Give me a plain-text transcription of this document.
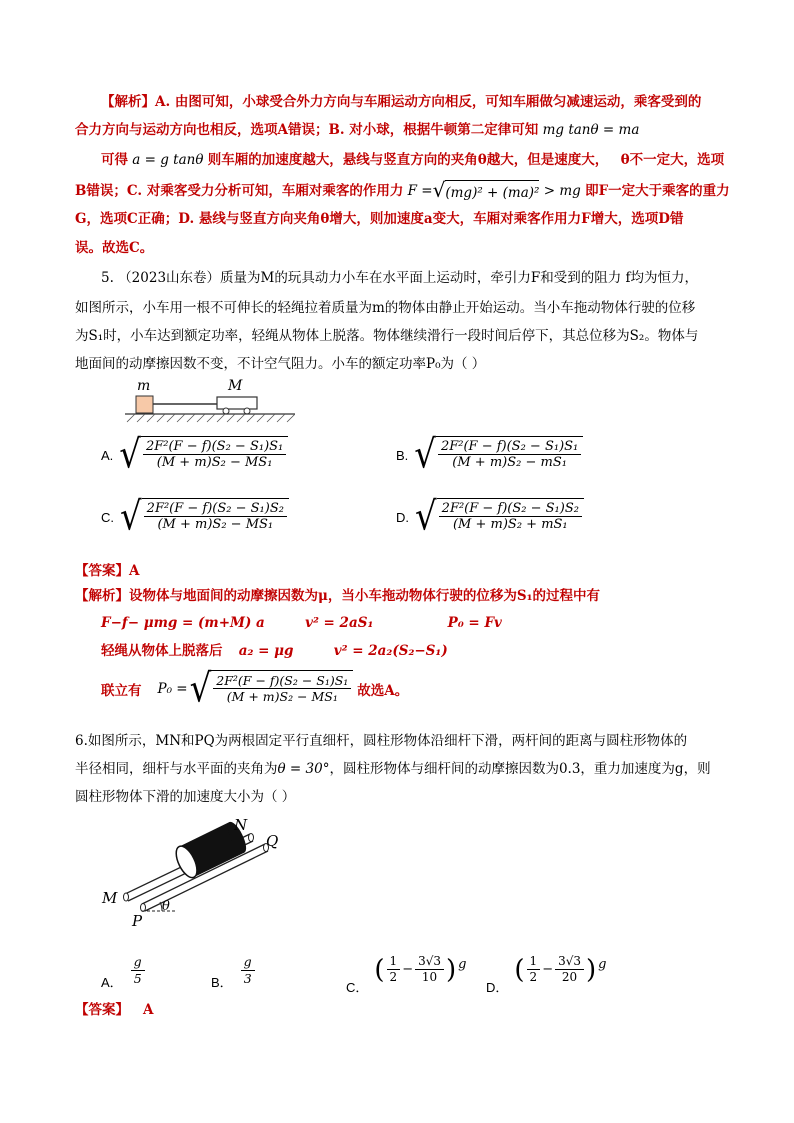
【解析】A. 由图可知，小球受合外力方向与车厢运动方向相反，可知车厢做匀减速运动，乘客受到的
合力方向与运动方向也相反，选项A错误；B. 对小球，根据牛顿第二定律可知 mg tanθ = ma
可得 a = g tanθ 则车厢的加速度越大，悬线与竖直方向的夹角θ越大，但是速度大， θ不一定大，选项
B错误；C. 对乘客受力分析可知，车厢对乘客的作用力 F = √ (mg)² + (ma)² > mg 即F一定大于乘客的重力
G，选项C正确；D. 悬线与竖直方向夹角θ增大，则加速度a变大，车厢对乘客作用力F增大，选项D错
误。故选C。
5. （2023山东卷）质量为M的玩具动力小车在水平面上运动时，牵引力F和受到的阻力 f均为恒力，
如图所示，小车用一根不可伸长的轻绳拉着质量为m的物体由静止开始运动。当小车拖动物体行驶的位移
为S₁时，小车达到额定功率，轻绳从物体上脱落。物体继续滑行一段时间后停下，其总位移为S₂。物体与
地面间的动摩擦因数不变，不计空气阻力。小车的额定功率P₀为（ ）
m	M
A. √ $\frac{\text{2F²(F − f)(S₂ − S₁)S₁}}{\text{(M + m)S₂ − MS₁}}$	B. √ $\frac{\text{2F²(F − f)(S₂ − S₁)S₁}}{\text{(M + m)S₂ − mS₁}}$
C. √ $\frac{\text{2F²(F − f)(S₂ − S₁)S₂}}{\text{(M + m)S₂ − MS₁}}$	D. √ $\frac{\text{2F²(F − f)(S₂ − S₁)S₂}}{\text{(M + m)S₂ + mS₁}}$
【答案】A
【解析】设物体与地面间的动摩擦因数为μ，当小车拖动物体行驶的位移为S₁的过程中有
F−f− μmg = (m+M) a	v² = 2aS₁	P₀ = Fv
轻绳从物体上脱落后 a₂ = μg	v² = 2a₂(S₂−S₁)
联立有 P₀ = √ $\frac{\text{2F²(F − f)(S₂ − S₁)S₁}}{\text{(M + m)S₂ − MS₁}}$ 故选A。
6.如图所示，MN和PQ为两根固定平行直细杆，圆柱形物体沿细杆下滑，两杆间的距离与圆柱形物体的
半径相同，细杆与水平面的夹角为θ = 30°，圆柱形物体与细杆间的动摩擦因数为0.3，重力加速度为g，则
圆柱形物体下滑的加速度大小为（ ）
θ
N
Q
M
P
A． $\frac{g}{5}$	B． $\frac{g}{3}$
C．
( $\frac{1}{2} - \frac{3√3}{10}$ ) g
D．
( $\frac{1}{2} - \frac{3√3}{20}$ ) g
【答案】 A
